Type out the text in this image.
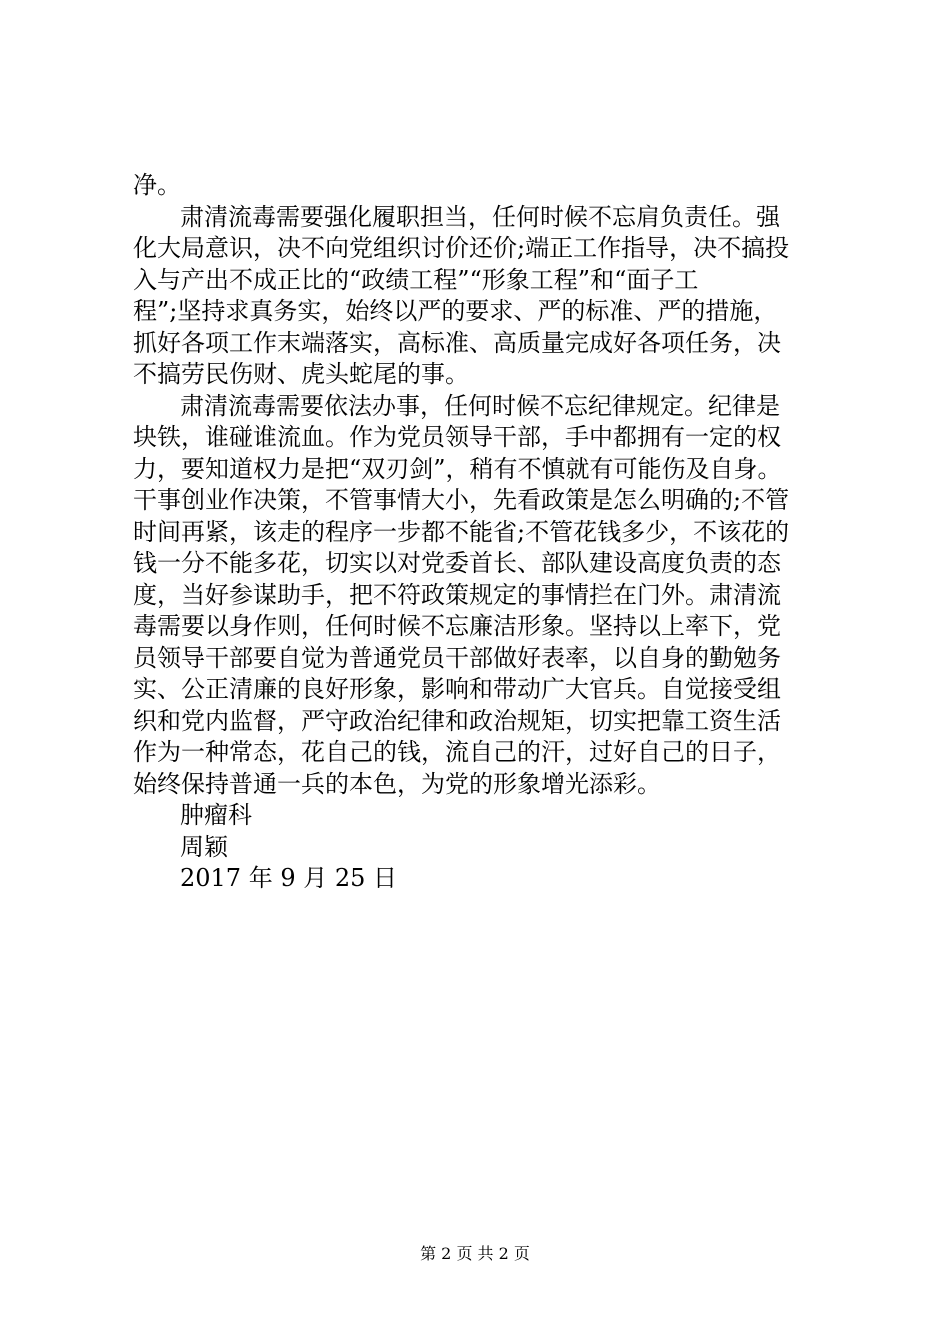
净。
肃清流毒需要强化履职担当，任何时候不忘肩负责任。强
化大局意识，决不向党组织讨价还价;端正工作指导，决不搞投
入与产出不成正比的“政绩工程”“形象工程”和“面子工
程”;坚持求真务实，始终以严的要求、严的标准、严的措施，
抓好各项工作末端落实，高标准、高质量完成好各项任务，决
不搞劳民伤财、虎头蛇尾的事。
肃清流毒需要依法办事，任何时候不忘纪律规定。纪律是
块铁，谁碰谁流血。作为党员领导干部，手中都拥有一定的权
力，要知道权力是把“双刃剑”，稍有不慎就有可能伤及自身。
干事创业作决策，不管事情大小，先看政策是怎么明确的;不管
时间再紧，该走的程序一步都不能省;不管花钱多少，不该花的
钱一分不能多花，切实以对党委首长、部队建设高度负责的态
度，当好参谋助手，把不符政策规定的事情拦在门外。肃清流
毒需要以身作则，任何时候不忘廉洁形象。坚持以上率下，党
员领导干部要自觉为普通党员干部做好表率，以自身的勤勉务
实、公正清廉的良好形象，影响和带动广大官兵。自觉接受组
织和党内监督，严守政治纪律和政治规矩，切实把靠工资生活
作为一种常态，花自己的钱，流自己的汗，过好自己的日子，
始终保持普通一兵的本色，为党的形象增光添彩。
肿瘤科
周颖
2017 年 9 月 25 日
第 2 页 共 2 页
